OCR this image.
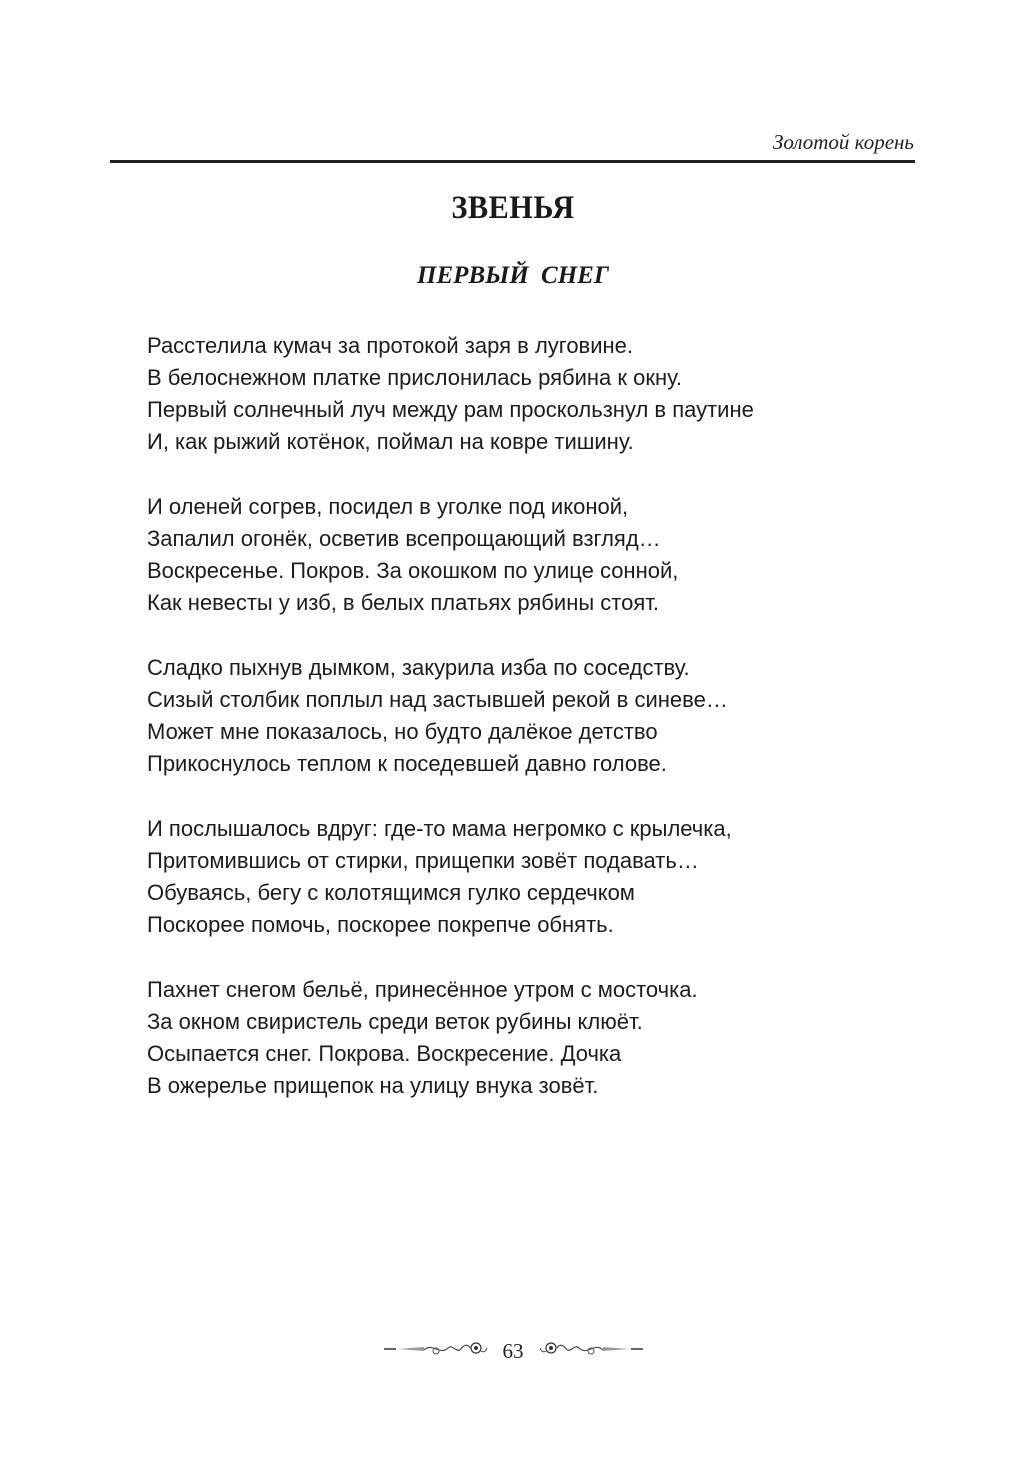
Золотой корень
ЗВЕНЬЯ
ПЕРВЫЙ СНЕГ
Расстелила кумач за протокой заря в луговине.
В белоснежном платке прислонилась рябина к окну.
Первый солнечный луч между рам проскользнул в паутине
И, как рыжий котёнок, поймал на ковре тишину.
И оленей согрев, посидел в уголке под иконой,
Запалил огонёк, осветив всепрощающий взгляд…
Воскресенье. Покров. За окошком по улице сонной,
Как невесты у изб, в белых платьях рябины стоят.
Сладко пыхнув дымком, закурила изба по соседству.
Сизый столбик поплыл над застывшей рекой в синеве…
Может мне показалось, но будто далёкое детство
Прикоснулось теплом к поседевшей давно голове.
И послышалось вдруг: где-то мама негромко с крылечка,
Притомившись от стирки, прищепки зовёт подавать…
Обуваясь, бегу с колотящимся гулко сердечком
Поскорее помочь, поскорее покрепче обнять.
Пахнет снегом бельё, принесённое утром с мосточка.
За окном свиристель среди веток рубины клюёт.
Осыпается снег. Покрова. Воскресение. Дочка
В ожерелье прищепок на улицу внука зовёт.
63
